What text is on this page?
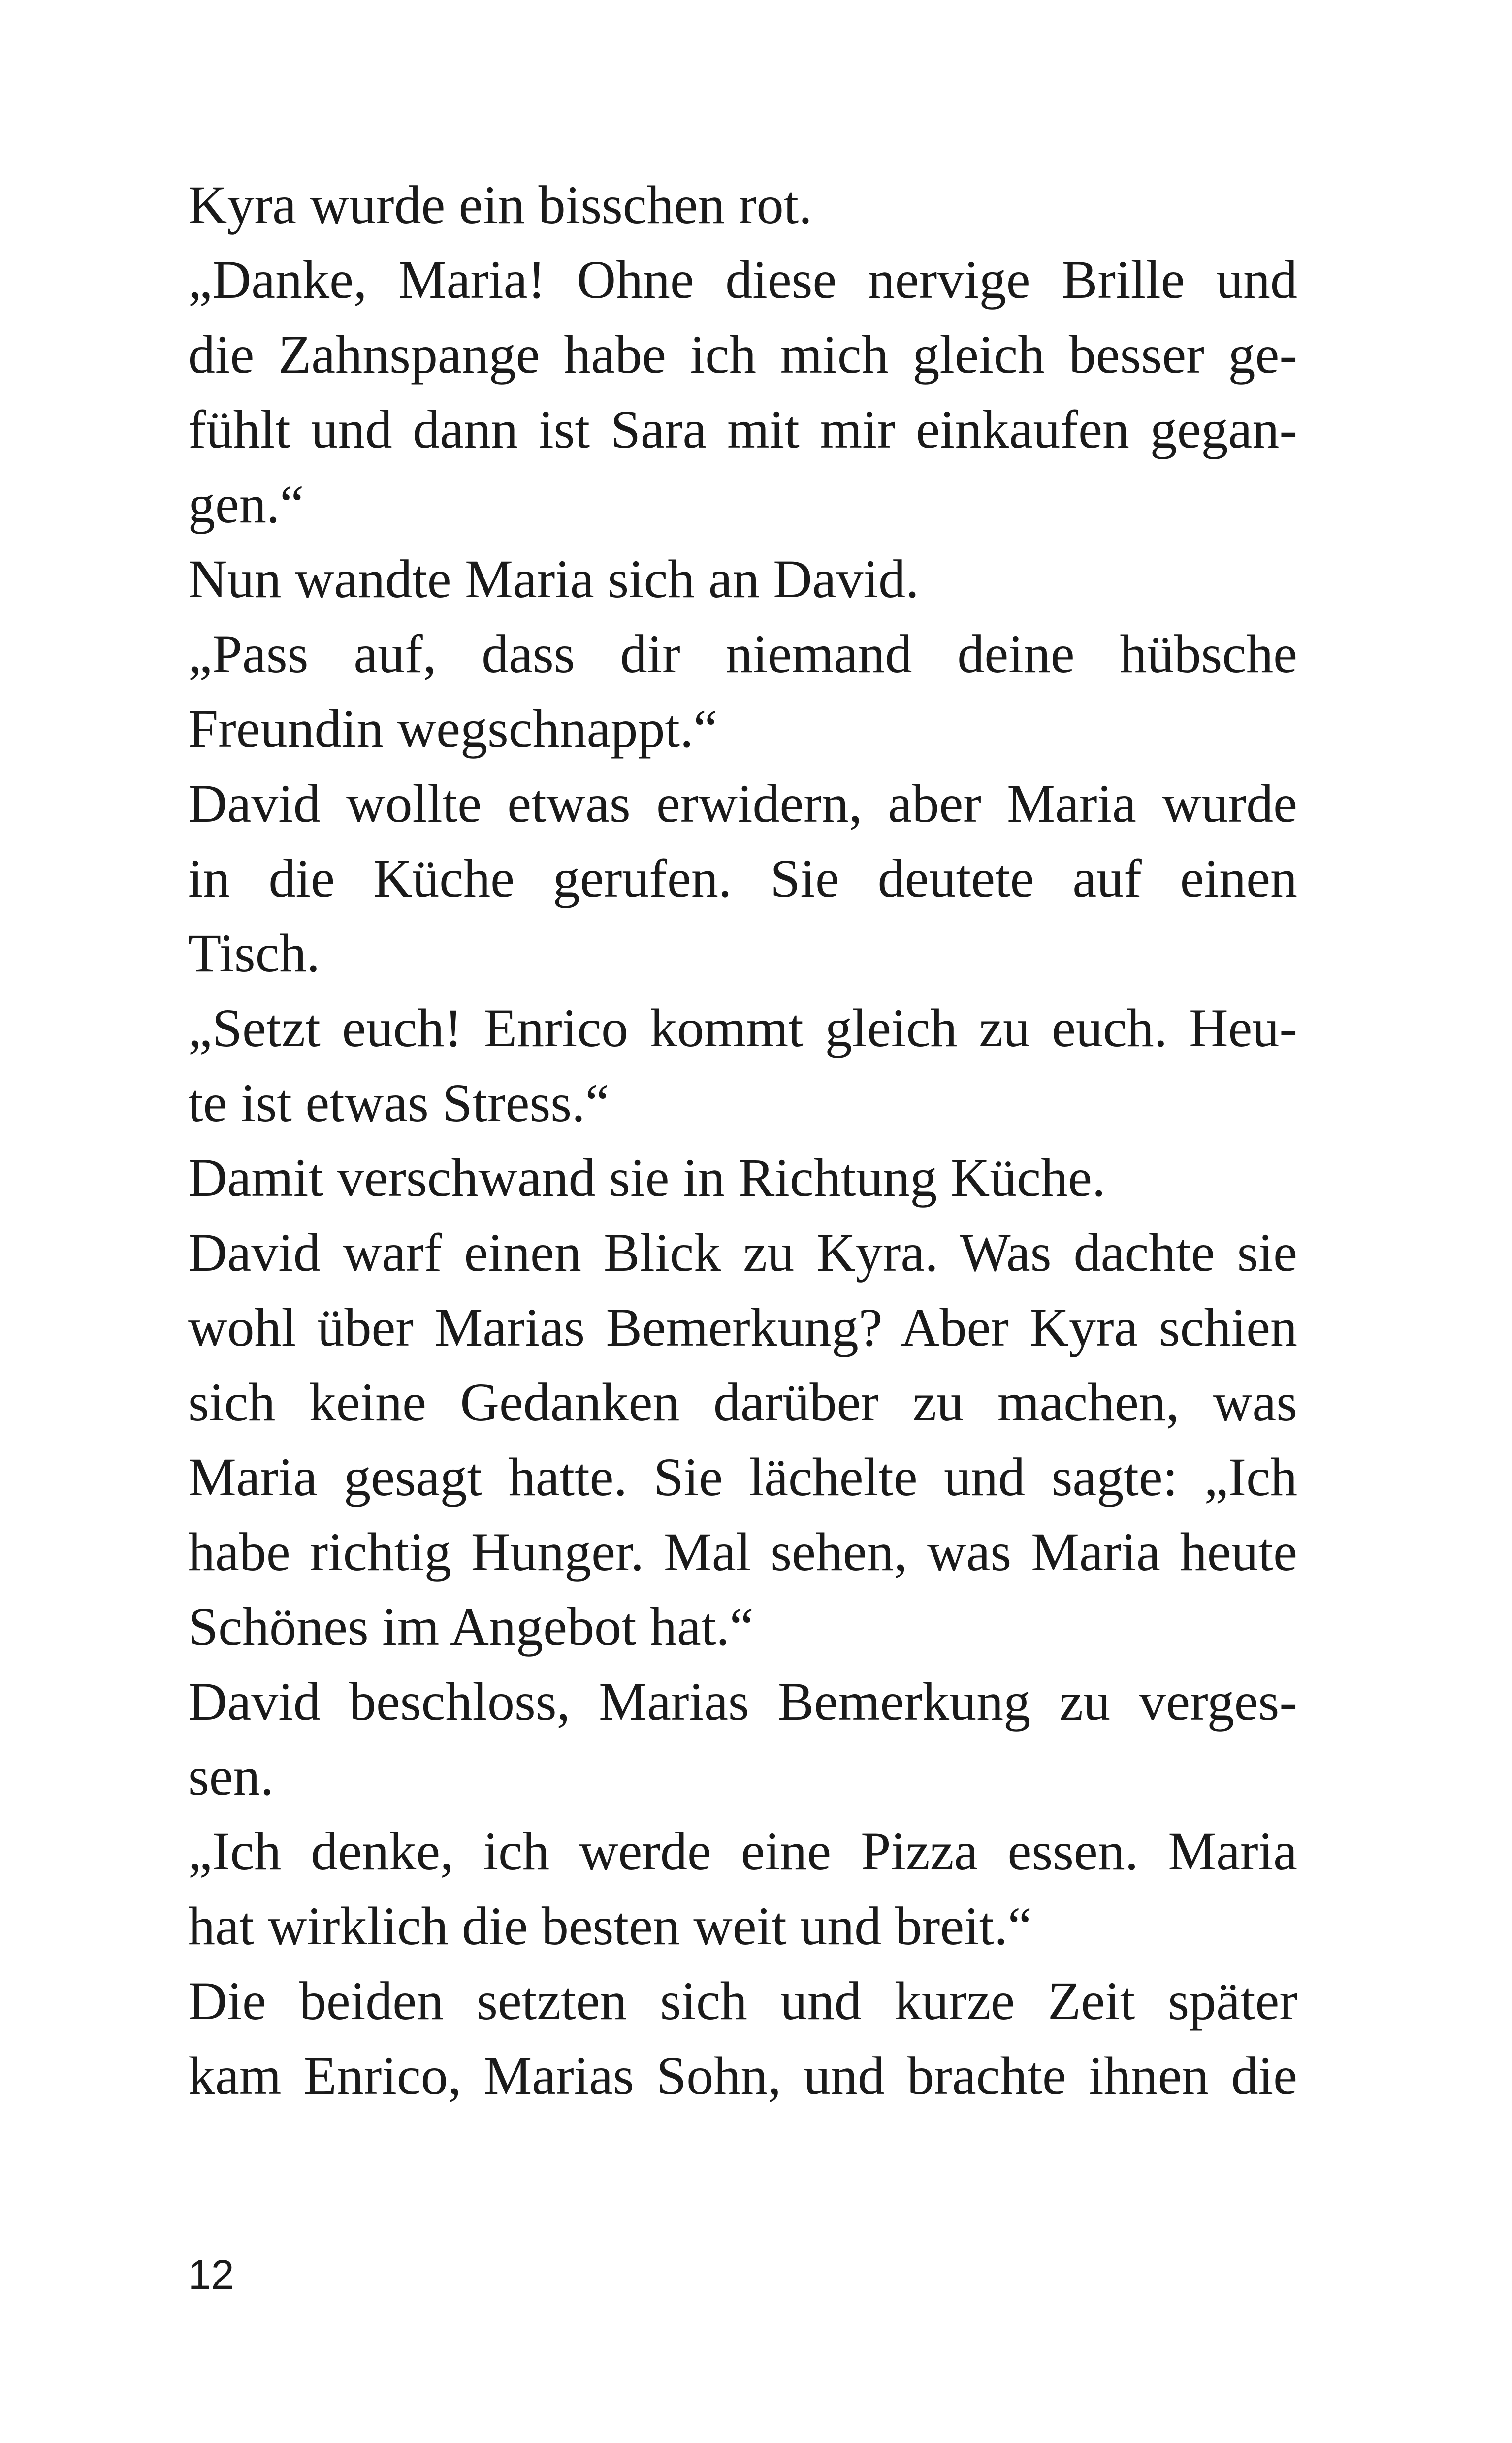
Kyra wurde ein bisschen rot.
„Danke, Maria! Ohne diese nervige Brille und
die Zahnspange habe ich mich gleich besser ge-
fühlt und dann ist Sara mit mir einkaufen gegan-
gen.“
Nun wandte Maria sich an David.
„Pass auf, dass dir niemand deine hübsche
Freundin wegschnappt.“
David wollte etwas erwidern, aber Maria wurde
in die Küche gerufen. Sie deutete auf einen
Tisch.
„Setzt euch! Enrico kommt gleich zu euch. Heu-
te ist etwas Stress.“
Damit verschwand sie in Richtung Küche.
David warf einen Blick zu Kyra. Was dachte sie
wohl über Marias Bemerkung? Aber Kyra schien
sich keine Gedanken darüber zu machen, was
Maria gesagt hatte. Sie lächelte und sagte: „Ich
habe richtig Hunger. Mal sehen, was Maria heute
Schönes im Angebot hat.“
David beschloss, Marias Bemerkung zu verges-
sen.
„Ich denke, ich werde eine Pizza essen. Maria
hat wirklich die besten weit und breit.“
Die beiden setzten sich und kurze Zeit später
kam Enrico, Marias Sohn, und brachte ihnen die
12
